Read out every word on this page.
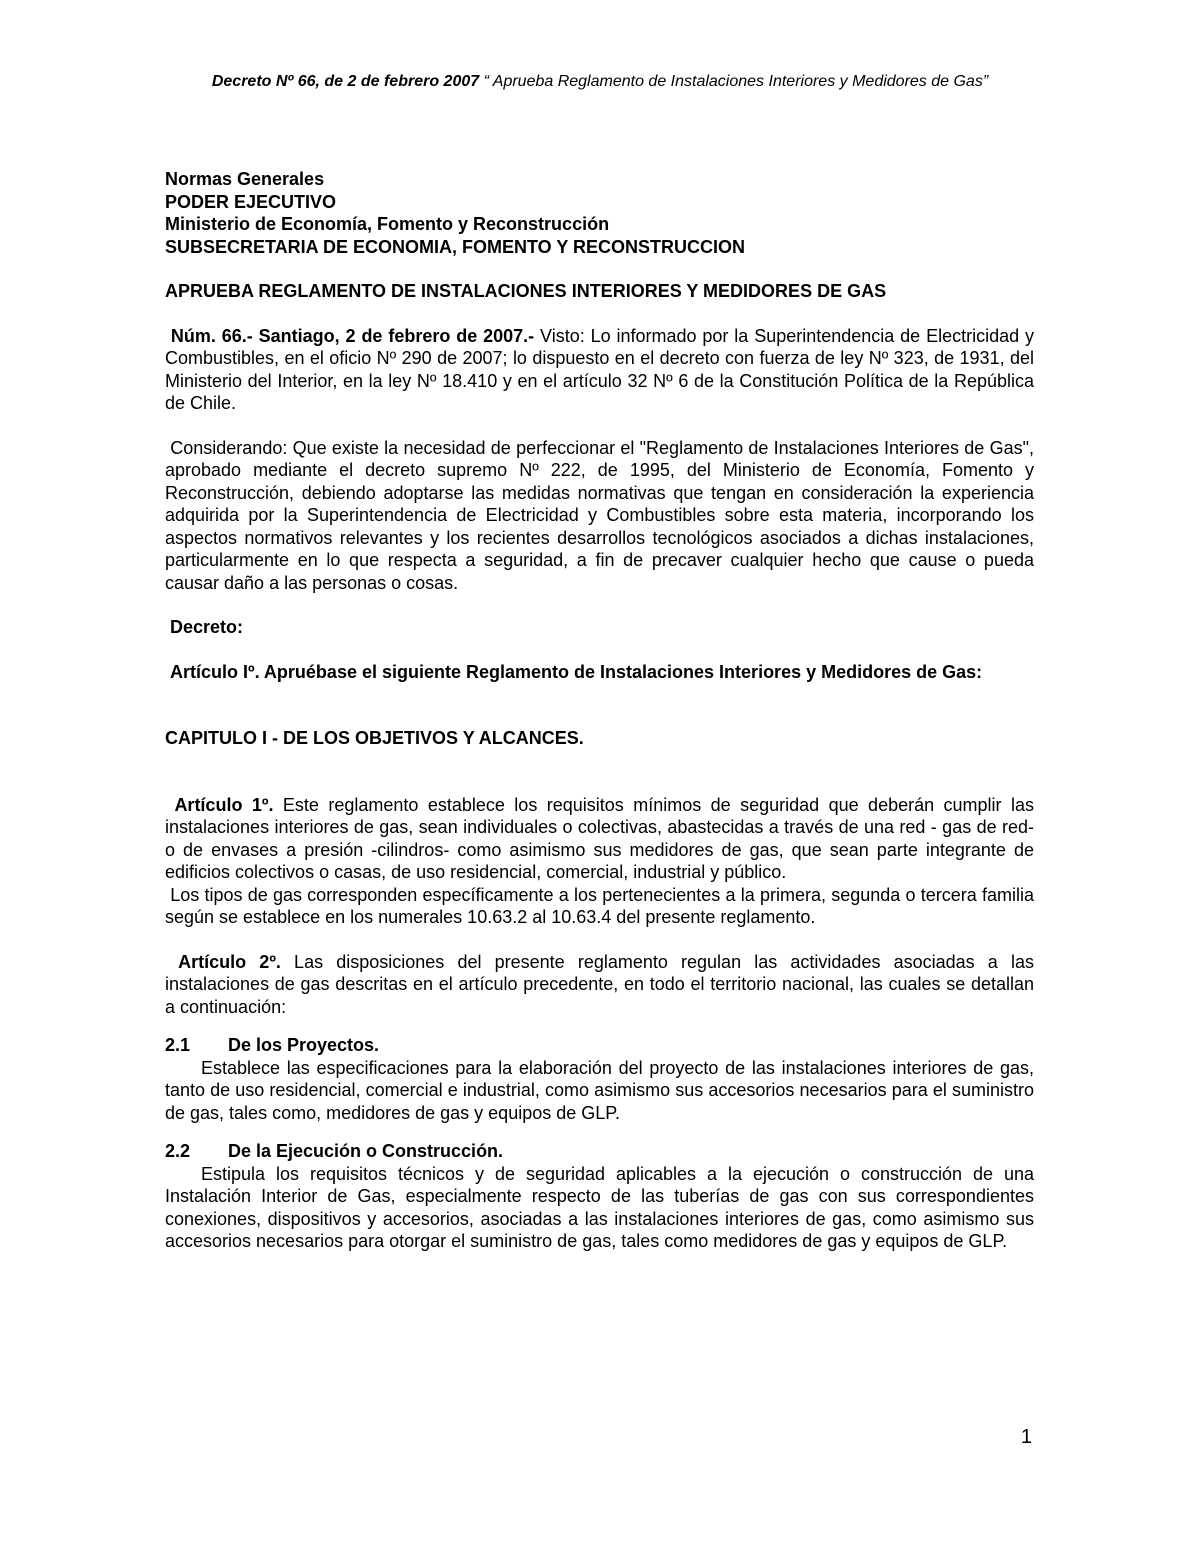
Decreto Nº 66, de 2 de febrero 2007 “ Aprueba Reglamento de Instalaciones Interiores y Medidores de Gas”

Normas Generales

PODER EJECUTIVO

Ministerio de Economía, Fomento y Reconstrucción

SUBSECRETARIA DE ECONOMIA, FOMENTO Y RECONSTRUCCION

APRUEBA REGLAMENTO DE INSTALACIONES INTERIORES Y MEDIDORES DE GAS

Núm. 66.- Santiago, 2 de febrero de 2007.- Visto: Lo informado por la Superintendencia de Electricidad y Combustibles, en el oficio Nº 290 de 2007; lo dispuesto en el decreto con fuerza de ley Nº 323, de 1931, del Ministerio del Interior, en la ley Nº 18.410 y en el artículo 32 Nº 6 de la Constitución Política de la República de Chile.

Considerando: Que existe la necesidad de perfeccionar el "Reglamento de Instalaciones Interiores de Gas", aprobado mediante el decreto supremo Nº 222, de 1995, del Ministerio de Economía, Fomento y Reconstrucción, debiendo adoptarse las medidas normativas que tengan en consideración la experiencia adquirida por la Superintendencia de Electricidad y Combustibles sobre esta materia, incorporando los aspectos normativos relevantes y los recientes desarrollos tecnológicos asociados a dichas instalaciones, particularmente en lo que respecta a seguridad, a fin de precaver cualquier hecho que cause o pueda causar daño a las personas o cosas.

Decreto:

Artículo Iº. Apruébase el siguiente Reglamento de Instalaciones Interiores y Medidores de Gas:

CAPITULO I - DE LOS OBJETIVOS Y ALCANCES.

Artículo 1º. Este reglamento establece los requisitos mínimos de seguridad que deberán cumplir las instalaciones interiores de gas, sean individuales o colectivas, abastecidas a través de una red - gas de red- o de envases a presión -cilindros- como asimismo sus medidores de gas, que sean parte integrante de edificios colectivos o casas, de uso residencial, comercial, industrial y público.

Los tipos de gas corresponden específicamente a los pertenecientes a la primera, segunda o tercera familia según se establece en los numerales 10.63.2 al 10.63.4 del presente reglamento.

Artículo 2º. Las disposiciones del presente reglamento regulan las actividades asociadas a las instalaciones de gas descritas en el artículo precedente, en todo el territorio nacional, las cuales se detallan a continuación:

2.1	De los Proyectos.

Establece las especificaciones para la elaboración del proyecto de las instalaciones interiores de gas, tanto de uso residencial, comercial e industrial, como asimismo sus accesorios necesarios para el suministro de gas, tales como, medidores de gas y equipos de GLP.

2.2	De la Ejecución o Construcción.

Estipula los requisitos técnicos y de seguridad aplicables a la ejecución o construcción de una Instalación Interior de Gas, especialmente respecto de las tuberías de gas con sus correspondientes conexiones, dispositivos y accesorios, asociadas a las instalaciones interiores de gas, como asimismo sus accesorios necesarios para otorgar el suministro de gas, tales como medidores de gas y equipos de GLP.

1
